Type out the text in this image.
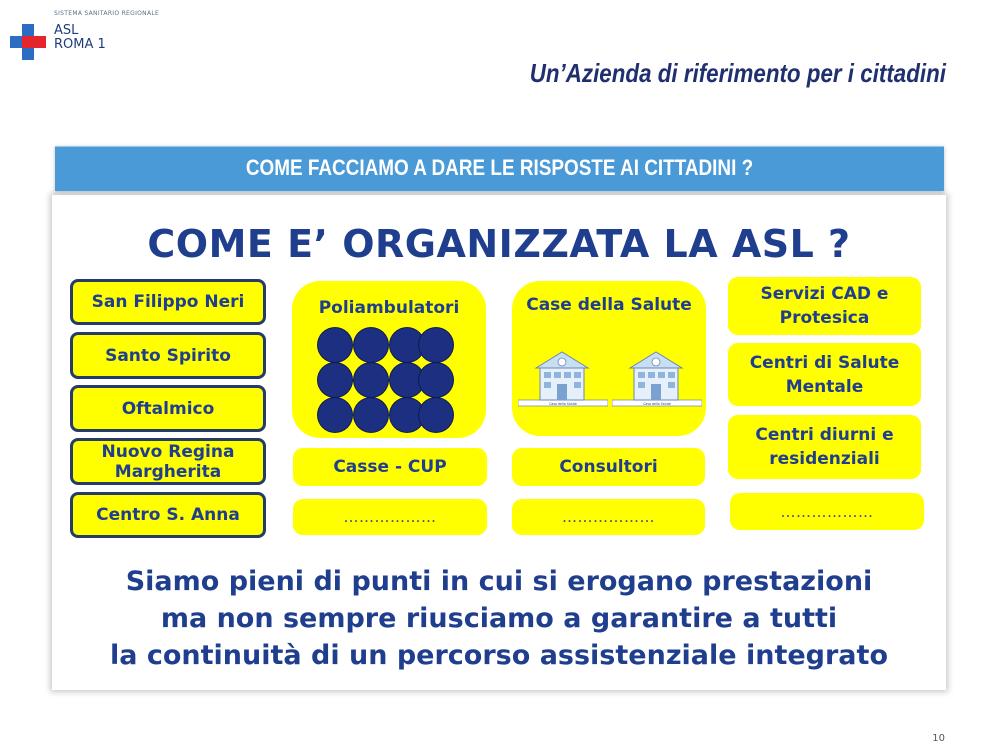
SISTEMA SANITARIO REGIONALE
ASL
ROMA 1
Un’Azienda di riferimento per i cittadini
COME FACCIAMO A DARE LE RISPOSTE AI CITTADINI ?
COME E’ ORGANIZZATA LA ASL ?
San Filippo Neri
Santo Spirito
Oftalmico
Nuovo Regina Margherita
Centro S. Anna
Poliambulatori
Casse - CUP
………………
Case della Salute
Casa della Salute	Casa della Salute
Consultori
………………
Servizi CAD e Protesica
Centri di Salute Mentale
Centri diurni e residenziali
………………
Siamo pieni di punti in cui si erogano prestazioni
ma non sempre riusciamo a garantire a tutti
la continuità di un percorso assistenziale integrato
10
